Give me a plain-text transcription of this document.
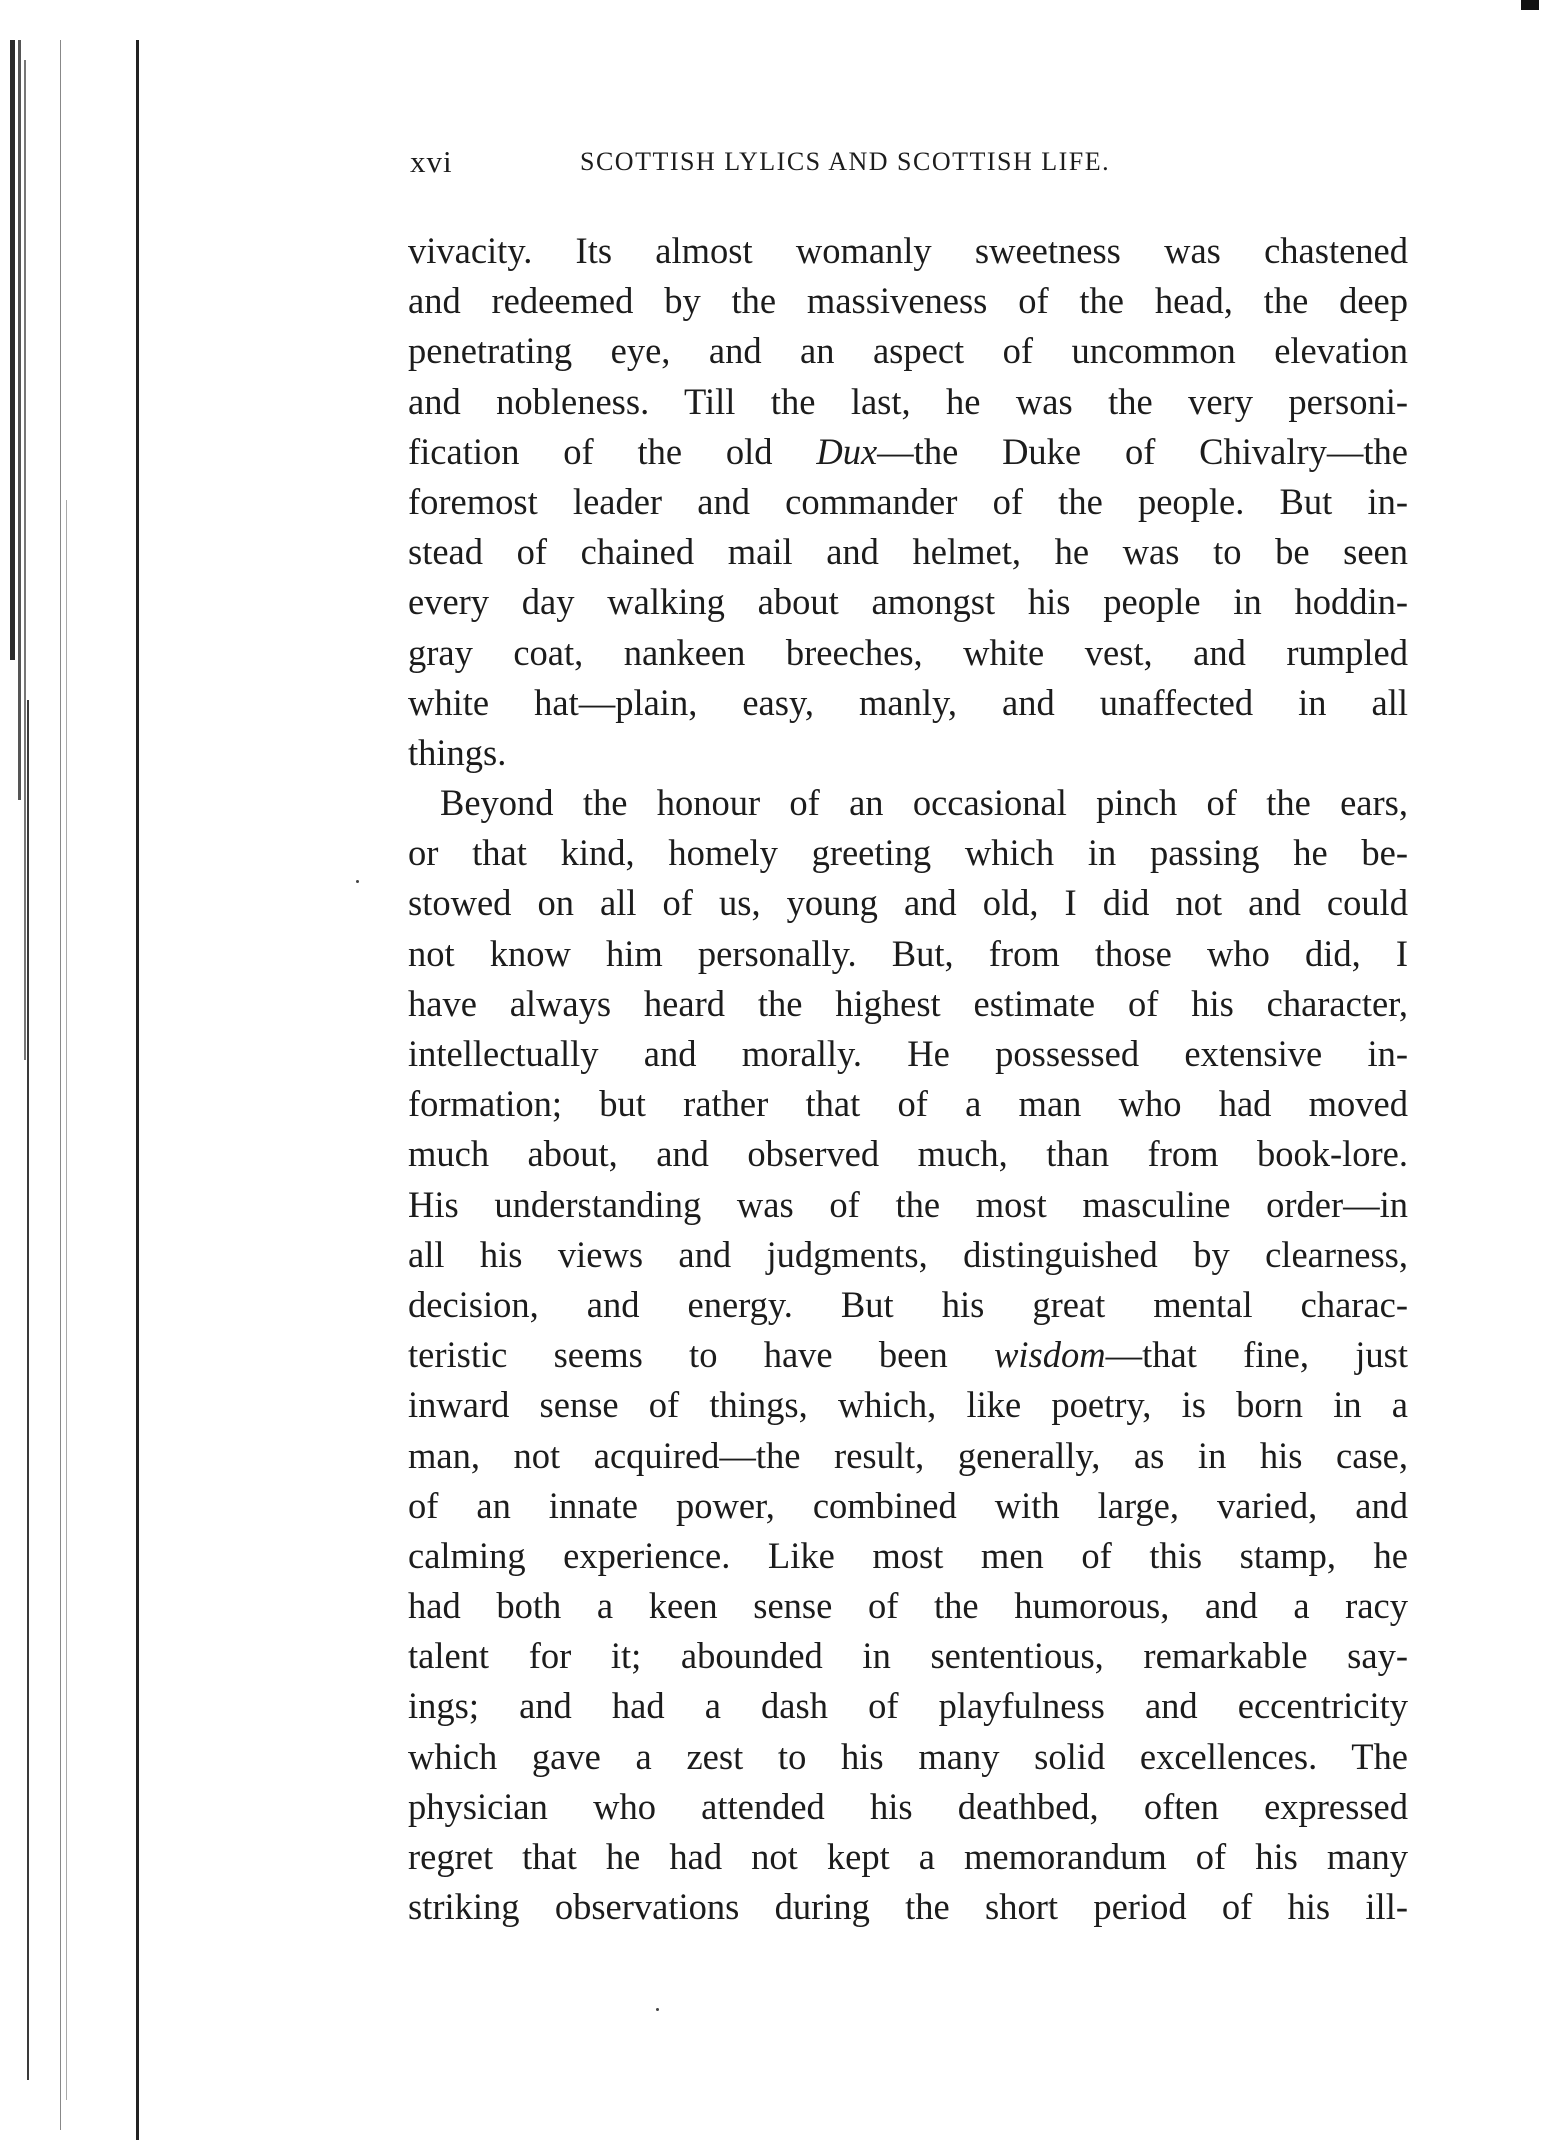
xvi	SCOTTISH LYLICS AND SCOTTISH LIFE.
vivacity. Its almost womanly sweetness was chastened
and redeemed by the massiveness of the head, the deep
penetrating eye, and an aspect of uncommon elevation
and nobleness. Till the last, he was the very personi-
fication of the old Dux—the Duke of Chivalry—the
foremost leader and commander of the people. But in-
stead of chained mail and helmet, he was to be seen
every day walking about amongst his people in hoddin-
gray coat, nankeen breeches, white vest, and rumpled
white hat—plain, easy, manly, and unaffected in all
things.
Beyond the honour of an occasional pinch of the ears,
or that kind, homely greeting which in passing he be-
stowed on all of us, young and old, I did not and could
not know him personally. But, from those who did, I
have always heard the highest estimate of his character,
intellectually and morally. He possessed extensive in-
formation; but rather that of a man who had moved
much about, and observed much, than from book-lore.
His understanding was of the most masculine order—in
all his views and judgments, distinguished by clearness,
decision, and energy. But his great mental charac-
teristic seems to have been wisdom—that fine, just
inward sense of things, which, like poetry, is born in a
man, not acquired—the result, generally, as in his case,
of an innate power, combined with large, varied, and
calming experience. Like most men of this stamp, he
had both a keen sense of the humorous, and a racy
talent for it; abounded in sententious, remarkable say-
ings; and had a dash of playfulness and eccentricity
which gave a zest to his many solid excellences. The
physician who attended his deathbed, often expressed
regret that he had not kept a memorandum of his many
striking observations during the short period of his ill-
